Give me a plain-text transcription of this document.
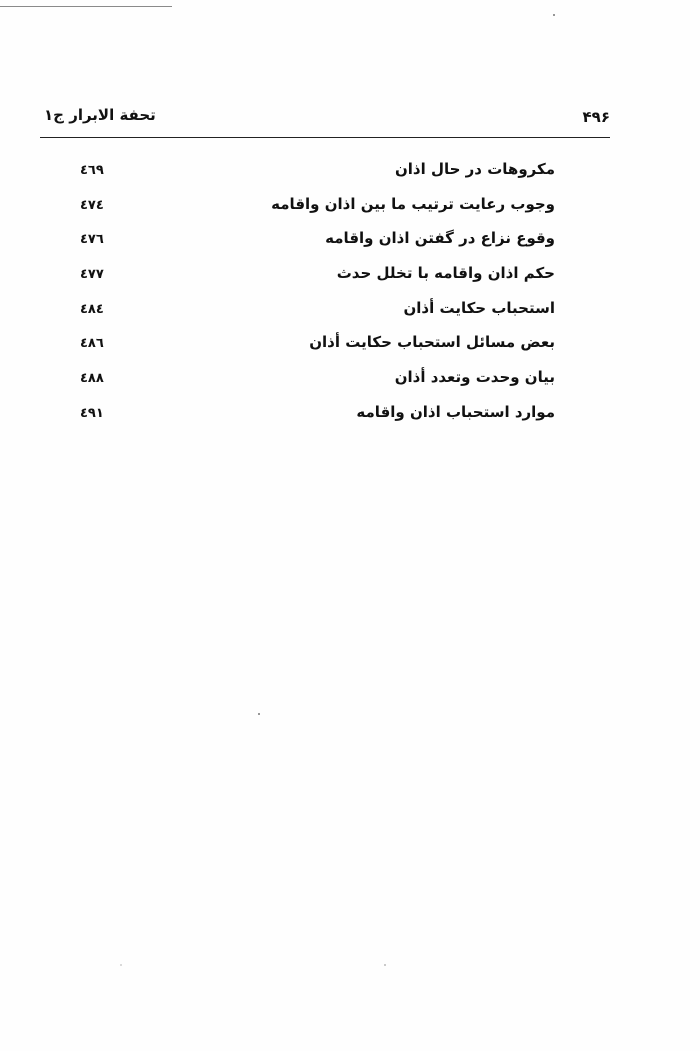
۴۹۶
تحفة الابرار ج۱
مکروهات در حال اذان
٤٦٩
وجوب رعایت ترتیب ما بین اذان واقامه
٤٧٤
وقوع نزاع در گفتن اذان واقامه
٤٧٦
حکم اذان واقامه با تخلل حدث
٤٧٧
استحباب حکایت أذان
٤٨٤
بعض مسائل استحباب حکایت أذان
٤٨٦
بیان وحدت وتعدد أذان
٤٨٨
موارد استحباب اذان واقامه
٤٩١
